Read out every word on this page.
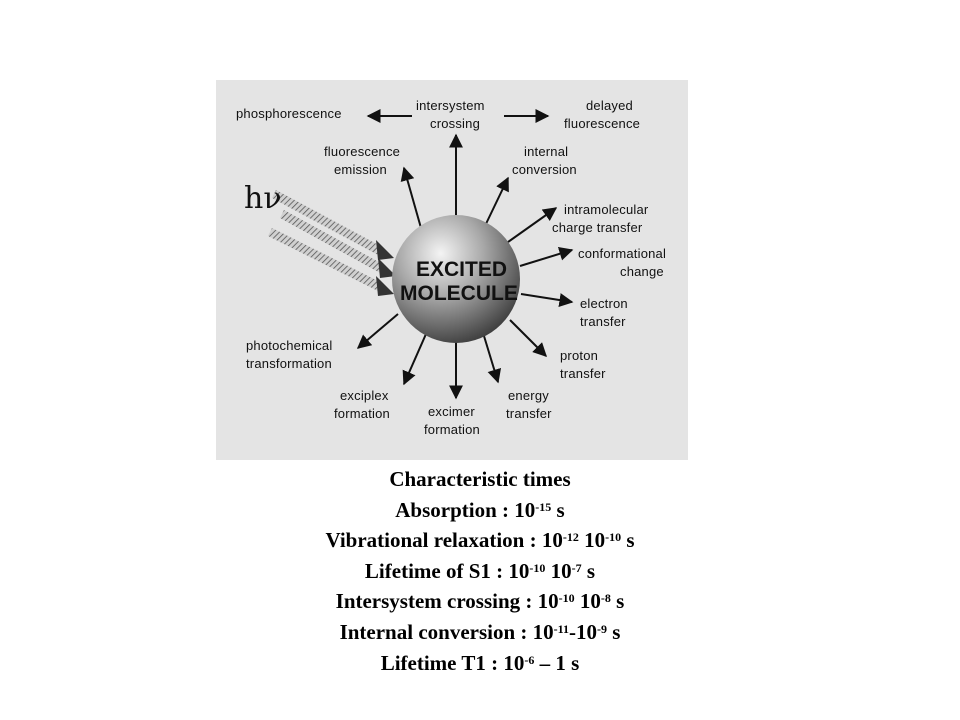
hν
EXCITED
MOLECULE
phosphorescence
intersystem
crossing
delayed
fluorescence
fluorescence
emission
internal
conversion
intramolecular
charge transfer
conformational
change
electron
transfer
proton
transfer
energy
transfer
excimer
formation
exciplex
formation
photochemical
transformation
Characteristic times
Absorption : $10^{-15}$ s
Vibrational relaxation : $10^{-12}$ $10^{-10}$ s
Lifetime of S1 : $10^{-10}$ $10^{-7}$ s
Intersystem crossing : $10^{-10}$ $10^{-8}$ s
Internal conversion : $10^{-11}-10^{-9}$ s
Lifetime T1 : $10^{-6} - 1$ s
